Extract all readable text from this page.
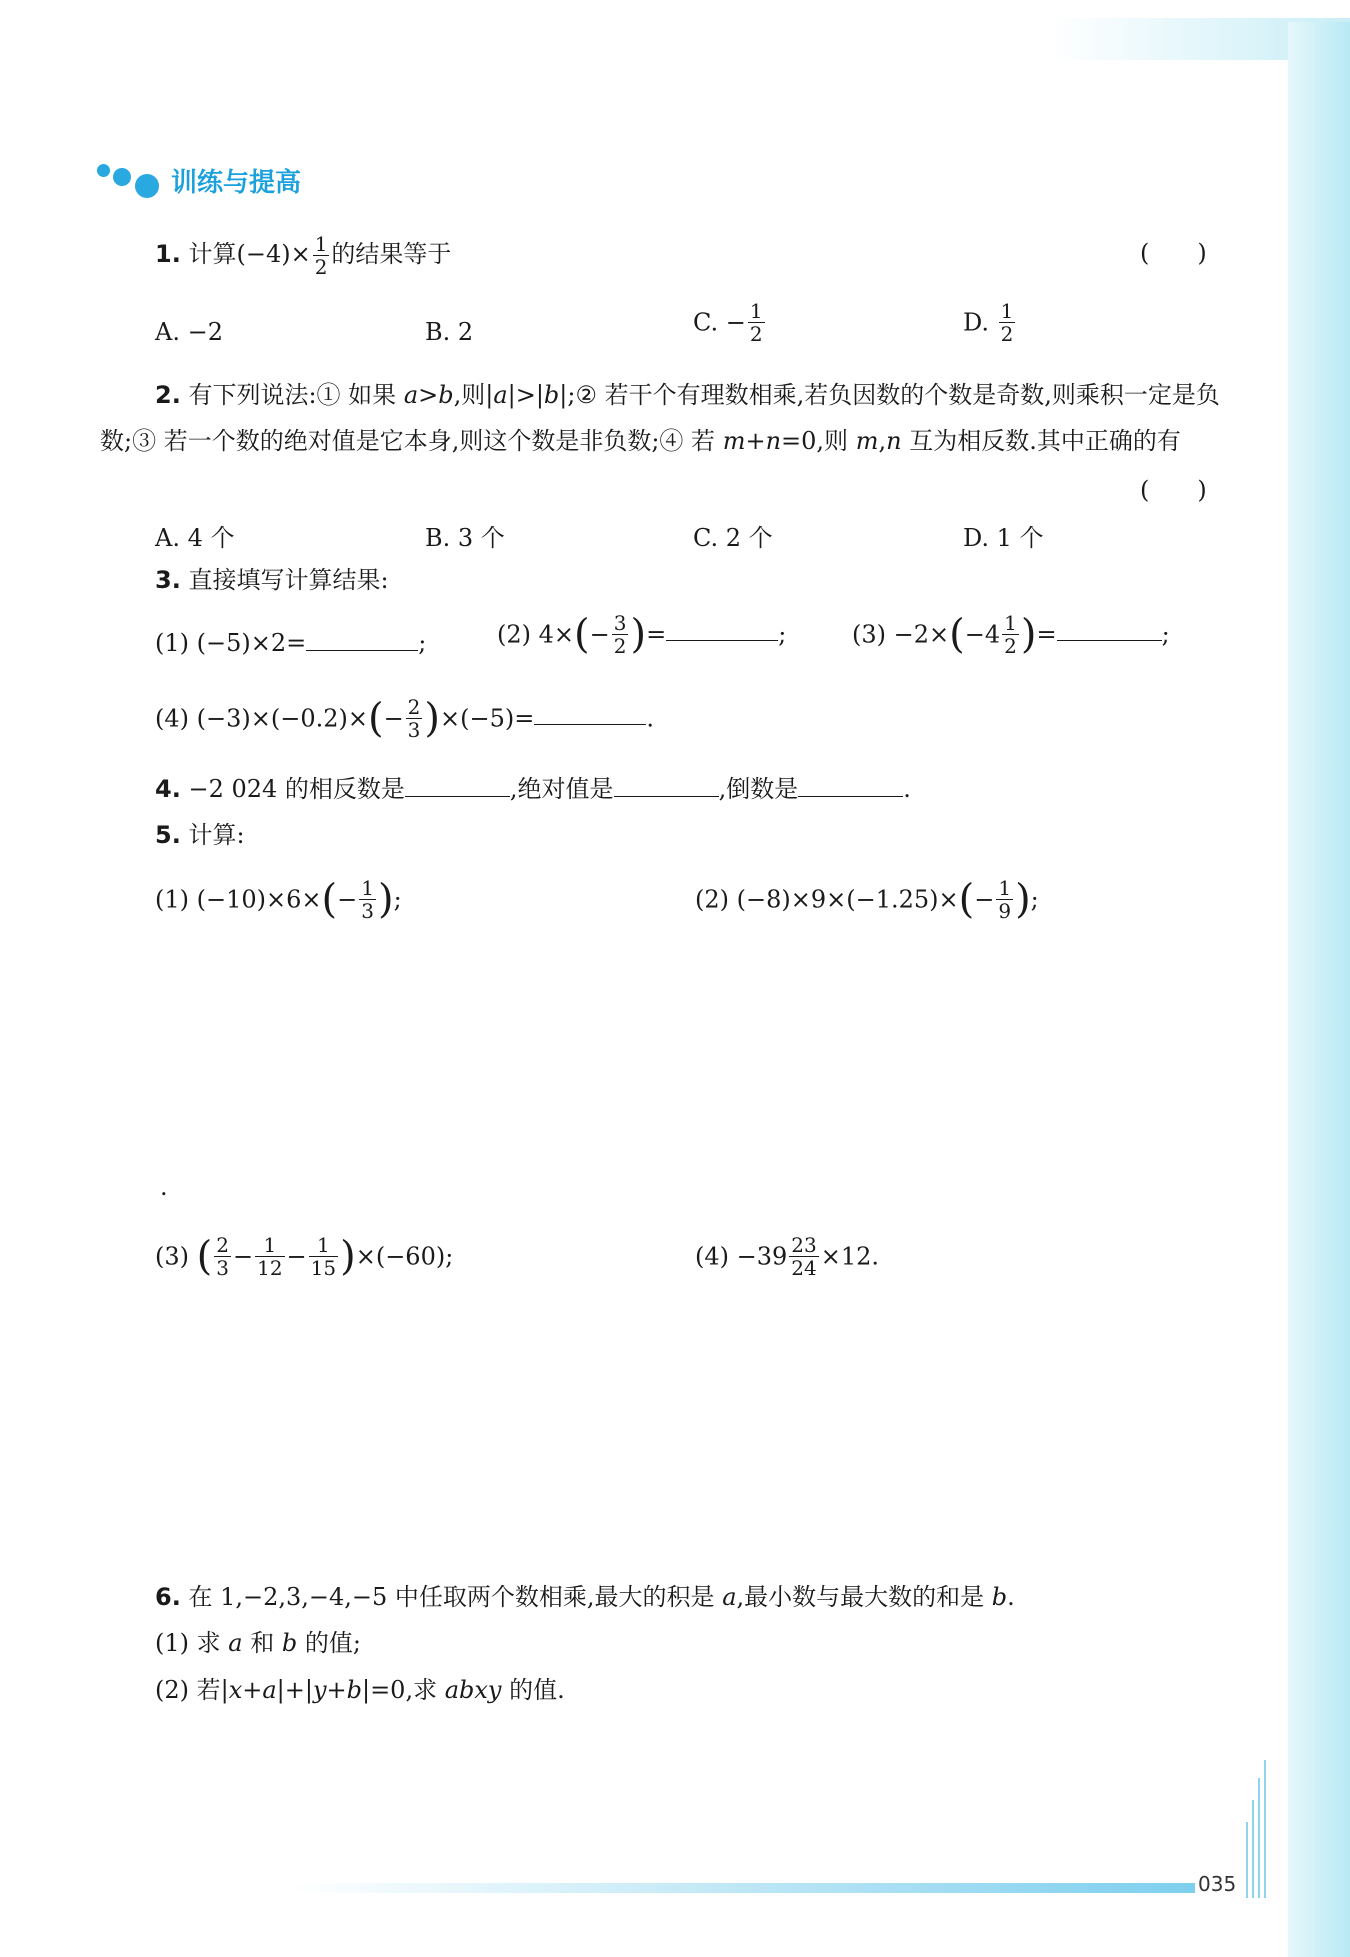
训练与提高
1. 计算$(-4)\times \frac{1}{2}$ 的结果等于	(　　)
A. −2	B. 2	C. − $\frac{1}{2}$	D. $\frac{1}{2}$
2. 有下列说法:① 如果 a>b,则|a|>|b|;② 若干个有理数相乘,若负因数的个数是奇数,则乘积一定是负数;③ 若一个数的绝对值是它本身,则这个数是非负数;④ 若 m+n=0,则 m,n 互为相反数.其中正确的有
(　　)
A. 4 个	B. 3 个	C. 2 个	D. 1 个
3. 直接填写计算结果:
(1) (−5)×2=	;	(2) $4\times(- \frac{3}{2}$ )=	;	$(3) -2\times(-4 \frac{1}{2}$ )=	;
(4) $(-3)\times(-0.2)\times(- \frac{2}{3} )\times(-5)=$	.
4. −2 024 的相反数是	,绝对值是	,倒数是	.
5. 计算:
(1) $(-10)\times 6\times(- \frac{1}{3}$ );	(2) $(-8)\times 9\times(-1.25)\times(- \frac{1}{9}$ );
.
(3) ( $\frac{2}{3} - \frac{1}{12} - \frac{1}{15} )\times(-60)$;	$(4) -39 \frac{23}{24} \times 12$.
6. 在 1,−2,3,−4,−5 中任取两个数相乘,最大的积是 a,最小数与最大数的和是 b.
(1) 求 a 和 b 的值;
(2) 若|x+a|+|y+b|=0,求 abxy 的值.
035
